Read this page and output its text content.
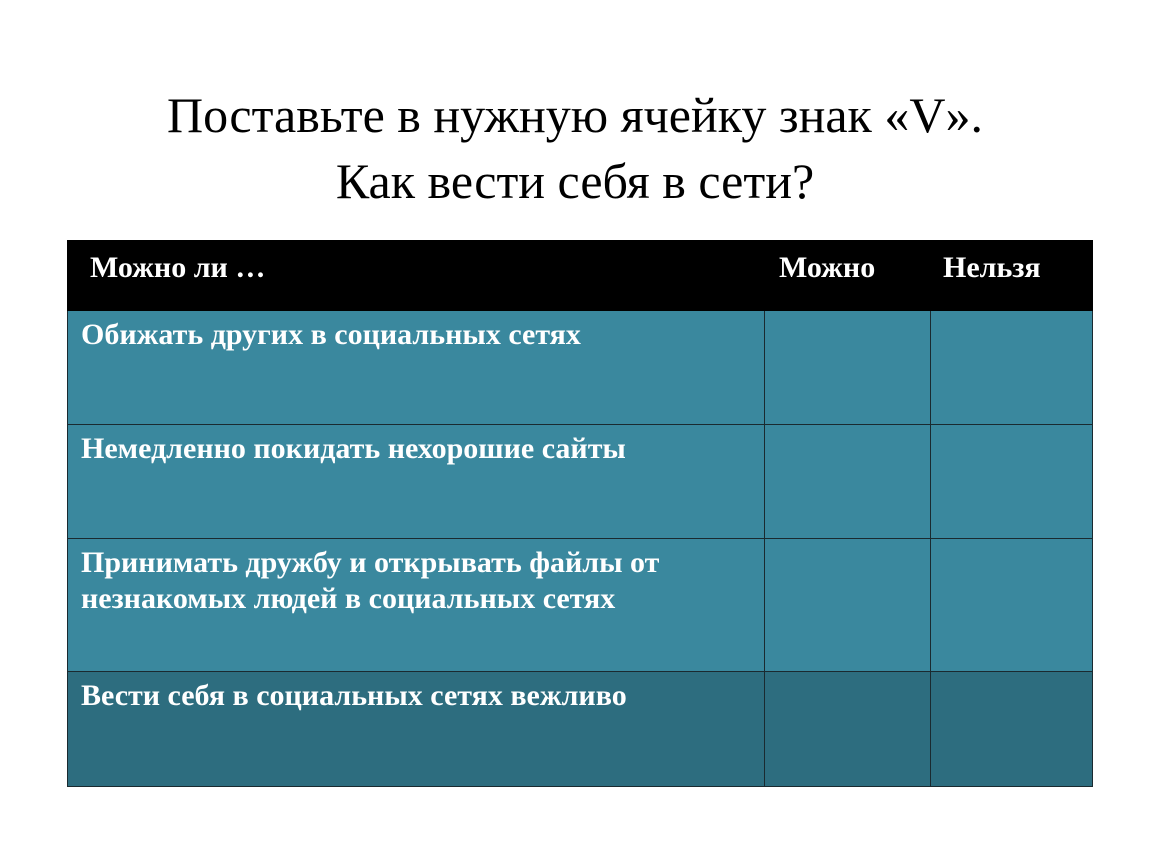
Поставьте в нужную ячейку знак «V».
Как вести себя в сети?
Можно ли …	Можно	Нельзя
Обижать других в социальных сетях		
Немедленно покидать нехорошие сайты		
Принимать дружбу и открывать файлы от незнакомых людей в социальных сетях		
Вести себя в социальных сетях вежливо		
